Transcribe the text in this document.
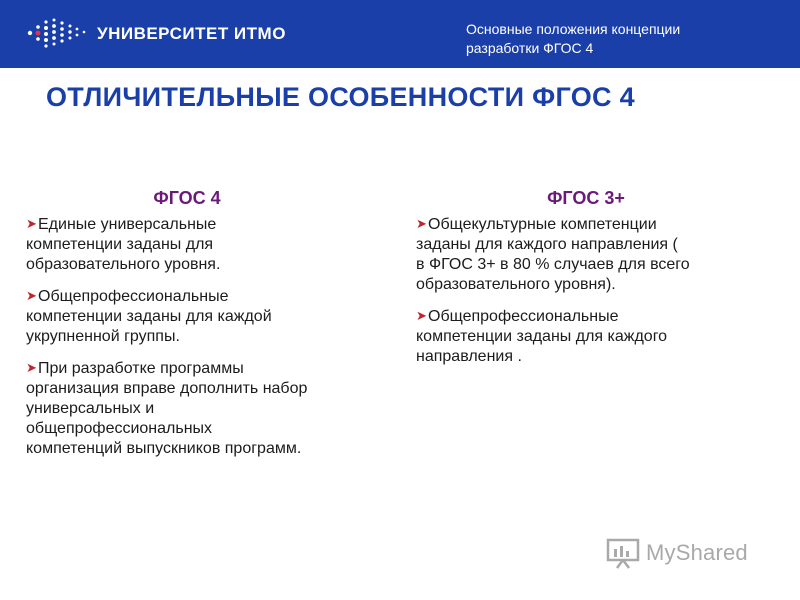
УНИВЕРСИТЕТ ИТМО	Основные положения концепции
разработки ФГОС 4
ОТЛИЧИТЕЛЬНЫЕ ОСОБЕННОСТИ ФГОС 4
ФГОС 4
➤Единые универсальные
компетенции заданы для
образовательного уровня.
➤Общепрофессиональные
компетенции заданы для каждой
укрупненной группы.
➤При разработке программы
организация вправе дополнить набор
универсальных и
общепрофессиональных
компетенций выпускников программ.
ФГОС 3+
➤Общекультурные компетенции
заданы для каждого направления (
в ФГОС 3+ в 80 % случаев для всего
образовательного уровня).
➤Общепрофессиональные
компетенции заданы для каждого
направления .
MyShared
